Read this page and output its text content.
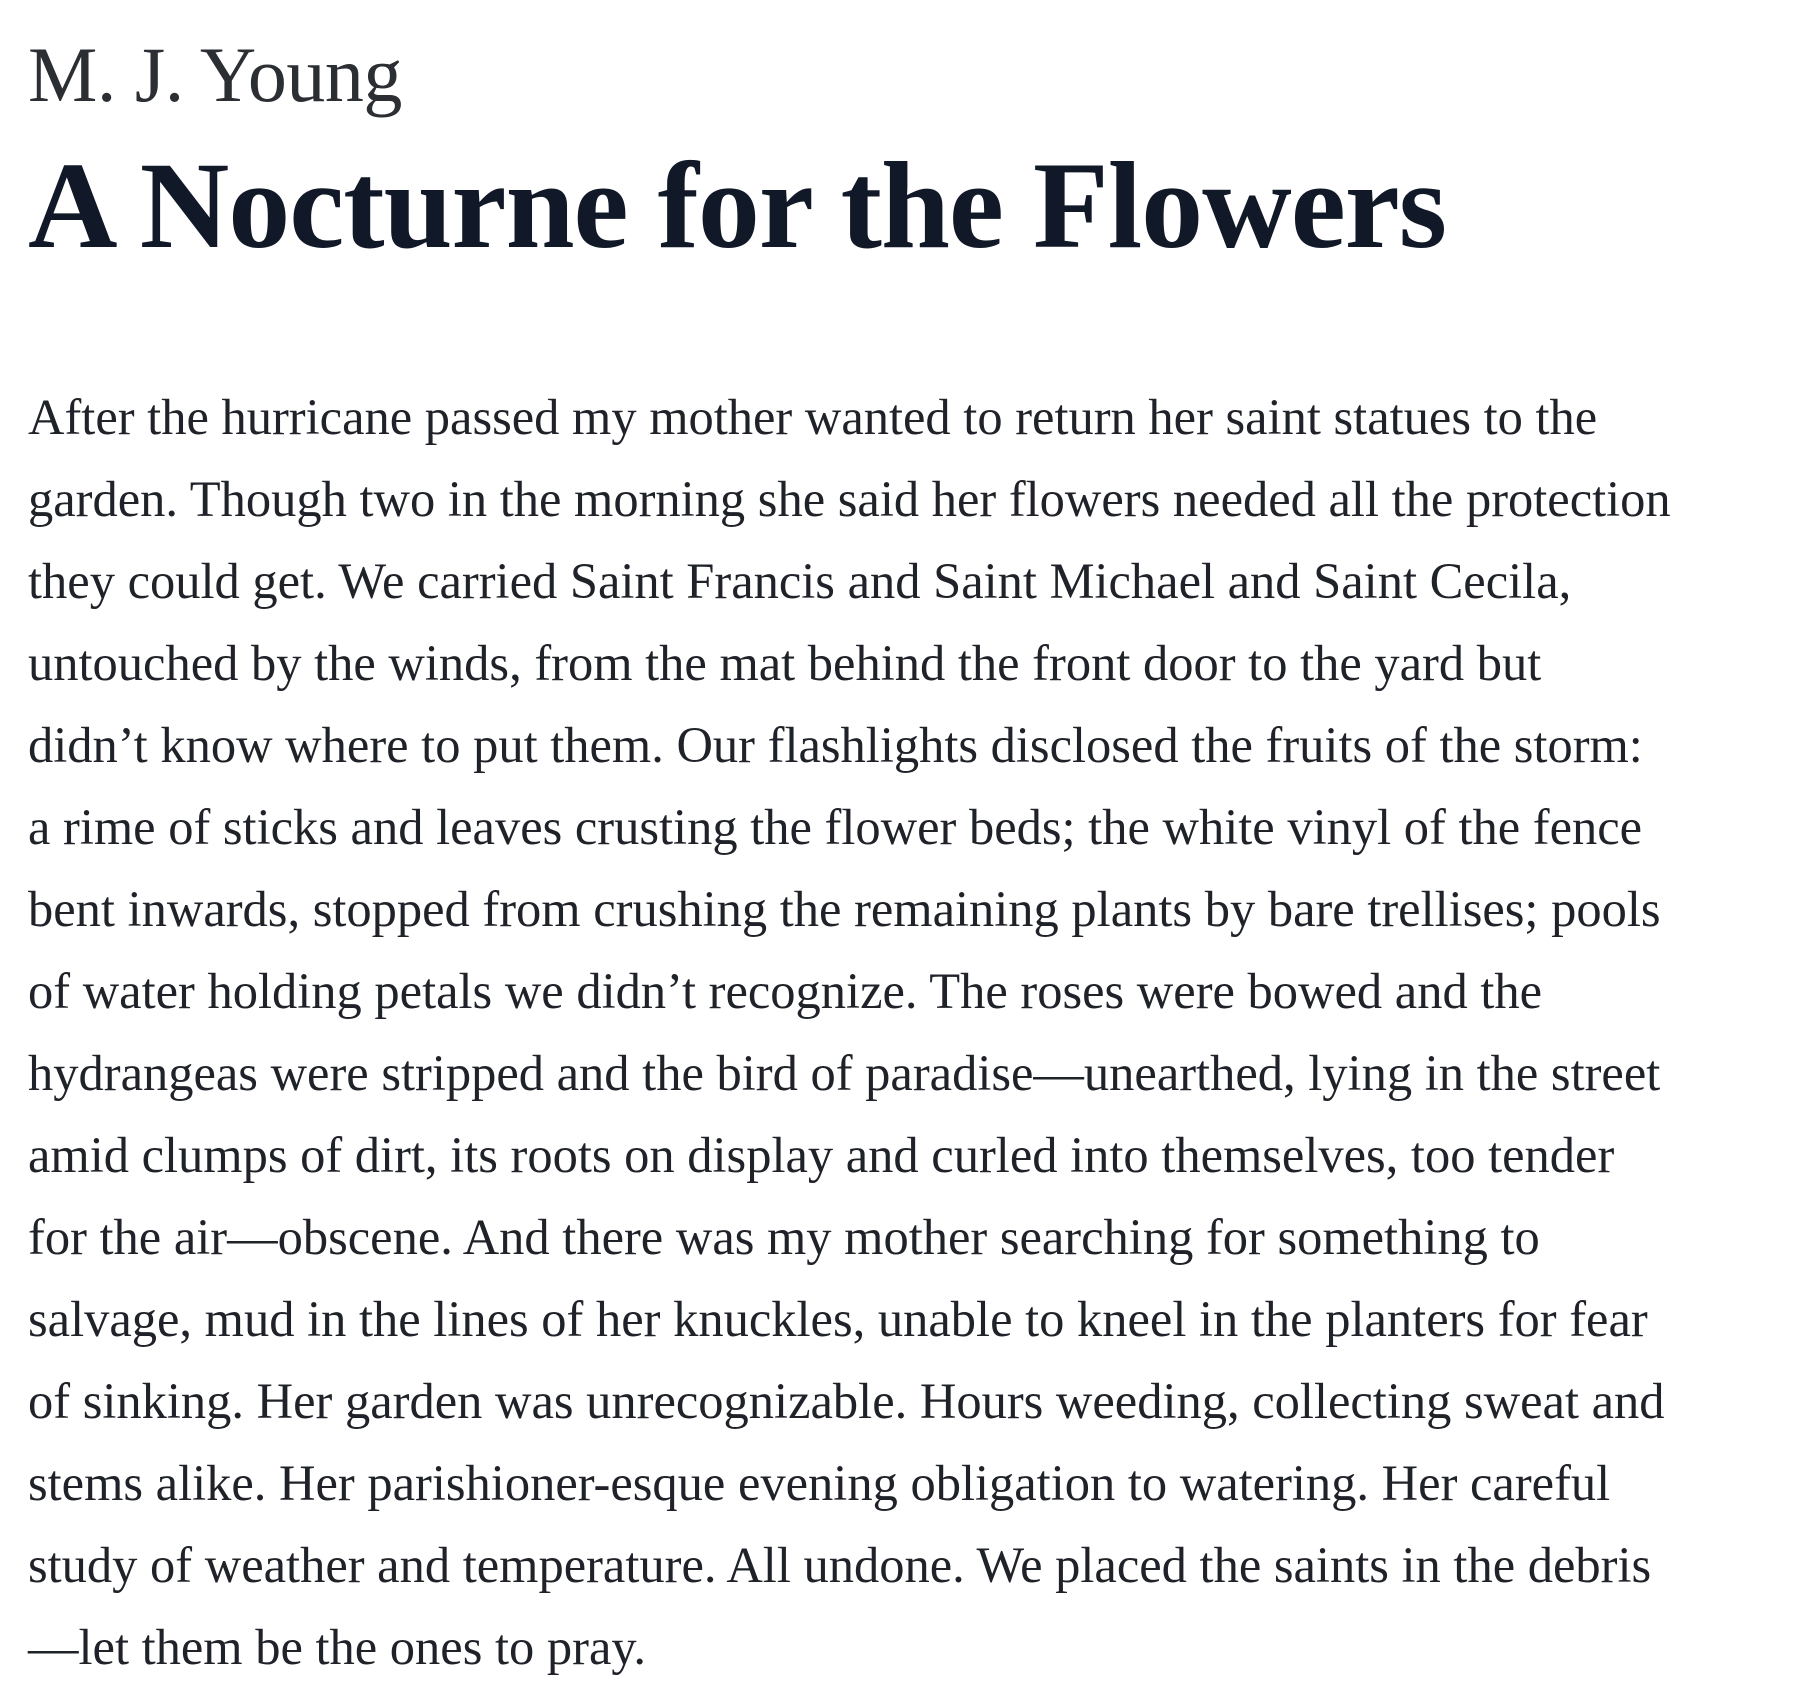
M. J. Young
A Nocturne for the Flowers
After the hurricane passed my mother wanted to return her saint statues to the
garden. Though two in the morning she said her flowers needed all the protection
they could get. We carried Saint Francis and Saint Michael and Saint Cecila,
untouched by the winds, from the mat behind the front door to the yard but
didn’t know where to put them. Our flashlights disclosed the fruits of the storm:
a rime of sticks and leaves crusting the flower beds; the white vinyl of the fence
bent inwards, stopped from crushing the remaining plants by bare trellises; pools
of water holding petals we didn’t recognize. The roses were bowed and the
hydrangeas were stripped and the bird of paradise—unearthed, lying in the street
amid clumps of dirt, its roots on display and curled into themselves, too tender
for the air—obscene. And there was my mother searching for something to
salvage, mud in the lines of her knuckles, unable to kneel in the planters for fear
of sinking. Her garden was unrecognizable. Hours weeding, collecting sweat and
stems alike. Her parishioner-esque evening obligation to watering. Her careful
study of weather and temperature. All undone. We placed the saints in the debris
—let them be the ones to pray.
